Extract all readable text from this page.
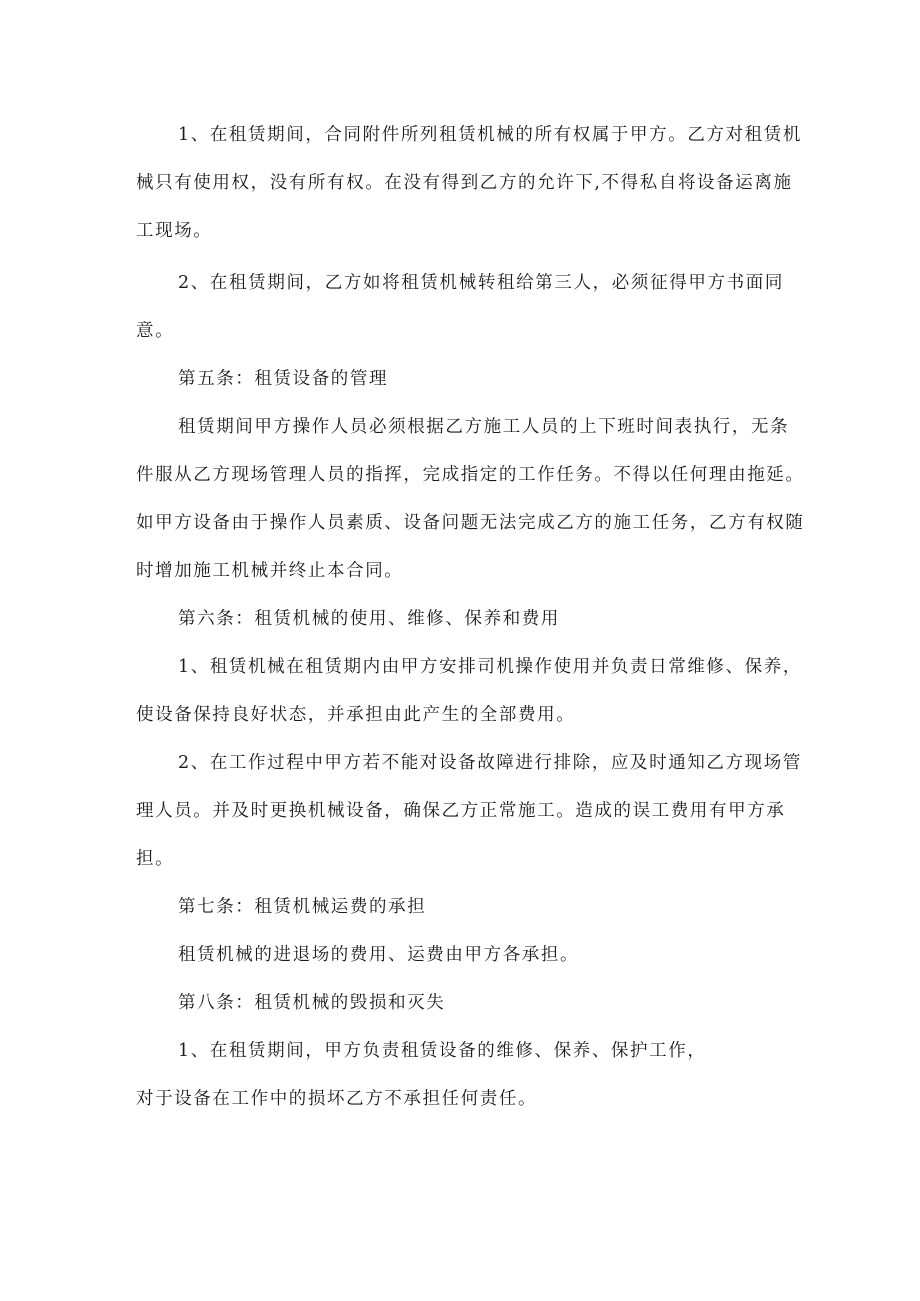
1、在租赁期间，合同附件所列租赁机械的所有权属于甲方。乙方对租赁机
械只有使用权，没有所有权。在没有得到乙方的允许下,不得私自将设备运离施
工现场。
2、在租赁期间，乙方如将租赁机械转租给第三人，必须征得甲方书面同
意。
第五条：租赁设备的管理
租赁期间甲方操作人员必须根据乙方施工人员的上下班时间表执行，无条
件服从乙方现场管理人员的指挥，完成指定的工作任务。不得以任何理由拖延。
如甲方设备由于操作人员素质、设备问题无法完成乙方的施工任务，乙方有权随
时增加施工机械并终止本合同。
第六条：租赁机械的使用、维修、保养和费用
1、租赁机械在租赁期内由甲方安排司机操作使用并负责日常维修、保养，
使设备保持良好状态，并承担由此产生的全部费用。
2、在工作过程中甲方若不能对设备故障进行排除，应及时通知乙方现场管
理人员。并及时更换机械设备，确保乙方正常施工。造成的误工费用有甲方承
担。
第七条：租赁机械运费的承担
租赁机械的进退场的费用、运费由甲方各承担。
第八条：租赁机械的毁损和灭失
1、在租赁期间，甲方负责租赁设备的维修、保养、保护工作，
对于设备在工作中的损坏乙方不承担任何责任。
